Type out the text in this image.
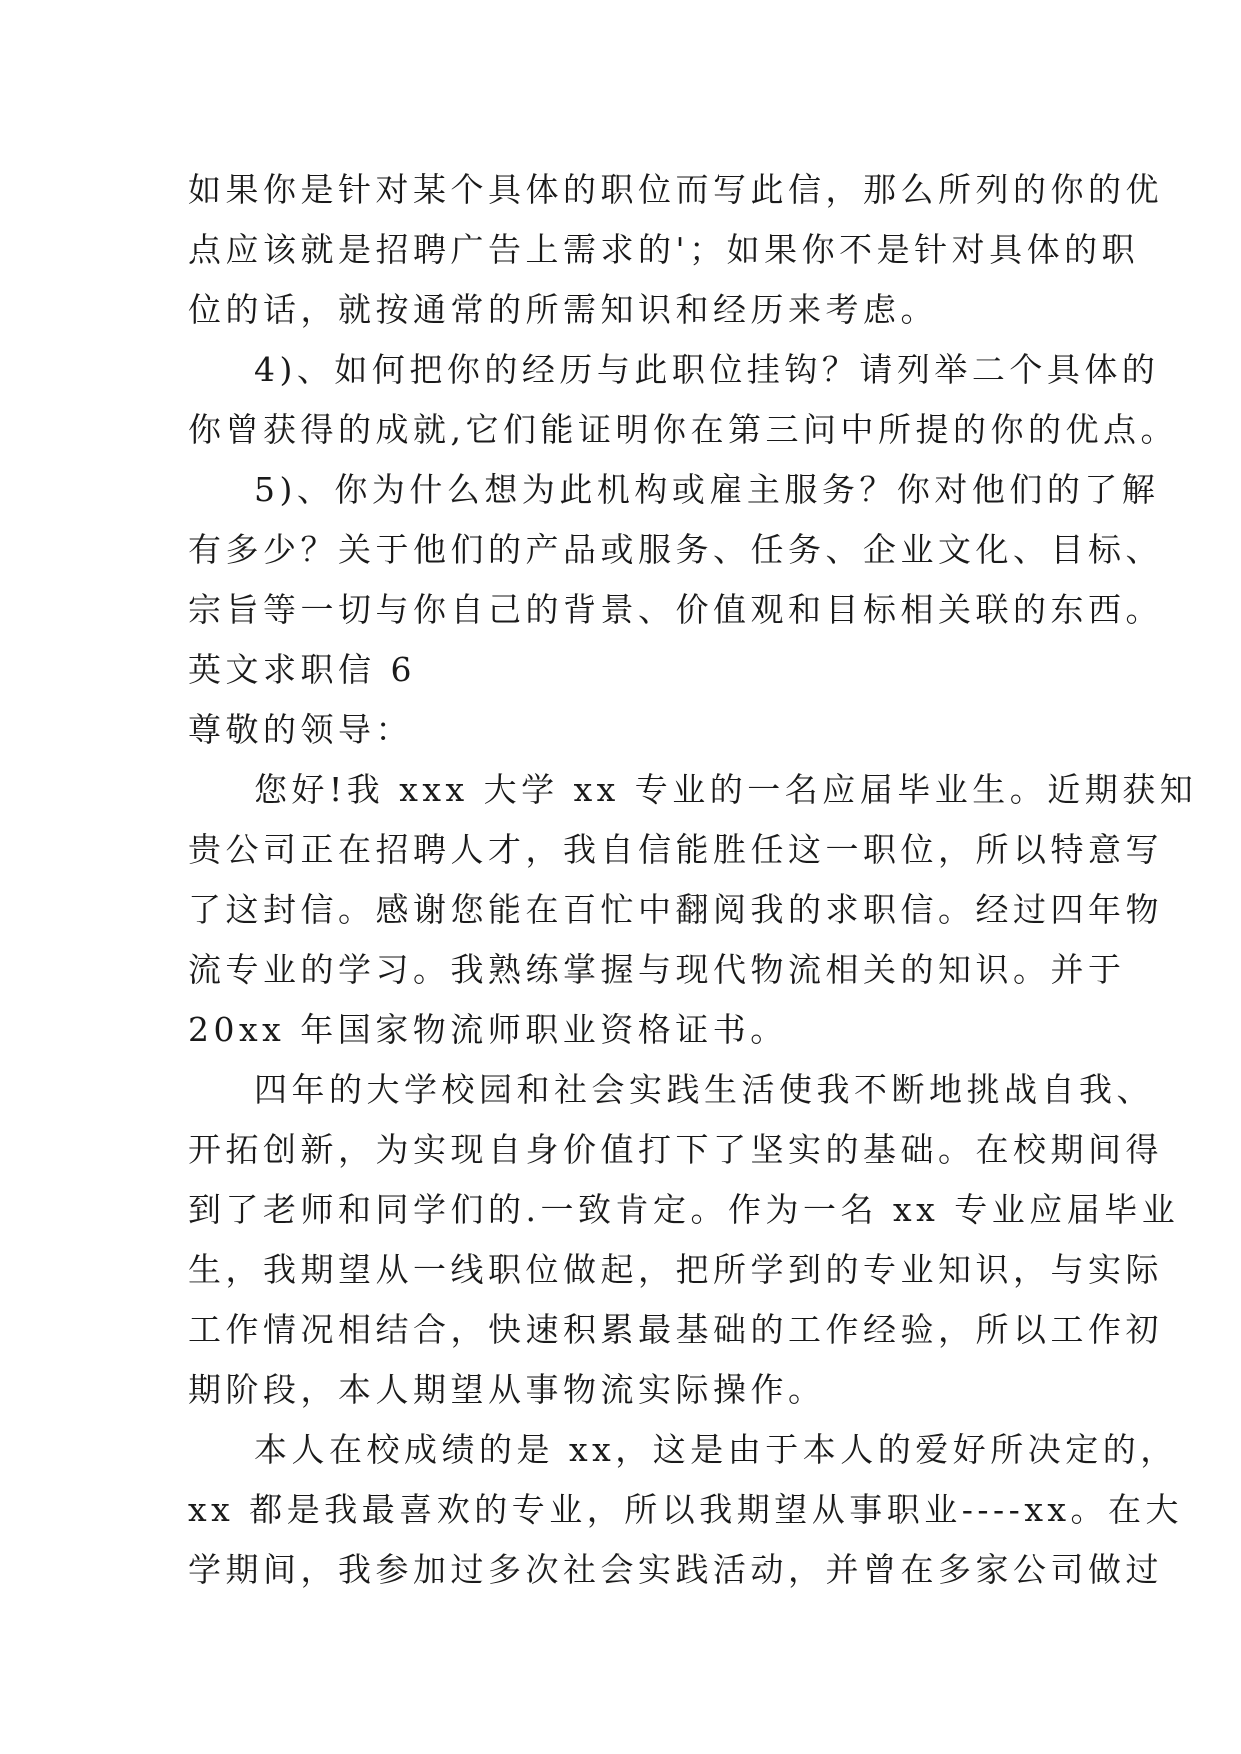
如果你是针对某个具体的职位而写此信，那么所列的你的优
点应该就是招聘广告上需求的'；如果你不是针对具体的职
位的话，就按通常的所需知识和经历来考虑。
4)、如何把你的经历与此职位挂钩？请列举二个具体的
你曾获得的成就,它们能证明你在第三问中所提的你的优点。
5)、你为什么想为此机构或雇主服务？你对他们的了解
有多少？关于他们的产品或服务、任务、企业文化、目标、
宗旨等一切与你自己的背景、价值观和目标相关联的东西。
英文求职信 6
尊敬的领导：
您好!我 xxx 大学 xx 专业的一名应届毕业生。近期获知
贵公司正在招聘人才，我自信能胜任这一职位，所以特意写
了这封信。感谢您能在百忙中翻阅我的求职信。经过四年物
流专业的学习。我熟练掌握与现代物流相关的知识。并于
20xx 年国家物流师职业资格证书。
四年的大学校园和社会实践生活使我不断地挑战自我、
开拓创新，为实现自身价值打下了坚实的基础。在校期间得
到了老师和同学们的.一致肯定。作为一名 xx 专业应届毕业
生，我期望从一线职位做起，把所学到的专业知识，与实际
工作情况相结合，快速积累最基础的工作经验，所以工作初
期阶段，本人期望从事物流实际操作。
本人在校成绩的是 xx，这是由于本人的爱好所决定的，
xx 都是我最喜欢的专业，所以我期望从事职业----xx。在大
学期间，我参加过多次社会实践活动，并曾在多家公司做过
